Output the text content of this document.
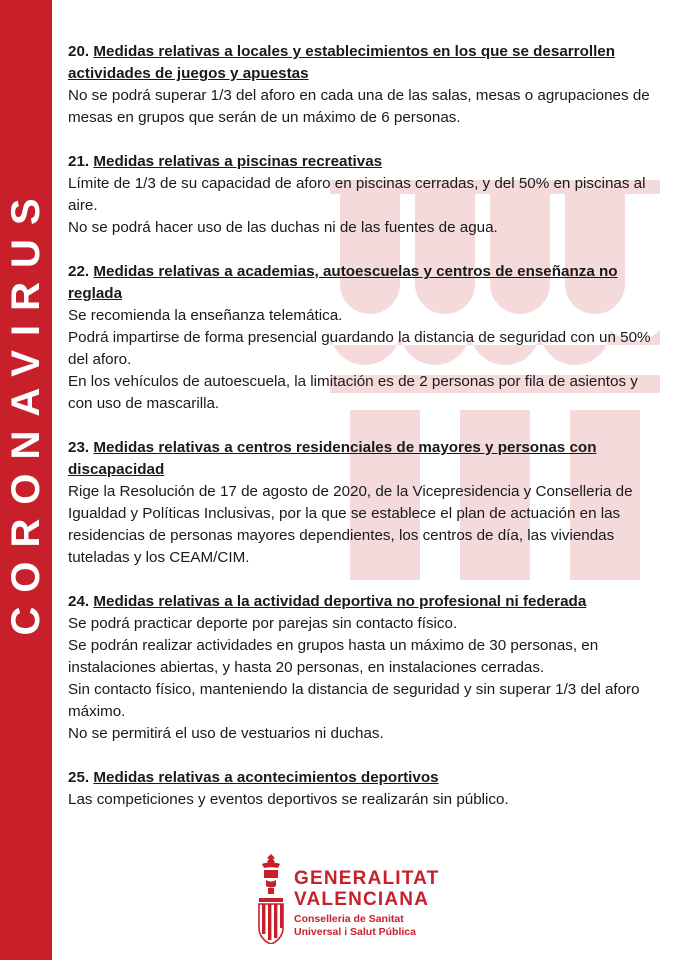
CORONAVIRUS

20. Medidas relativas a locales y establecimientos en los que se desarrollen actividades de juegos y apuestas

No se podrá superar 1/3 del aforo en cada una de las salas, mesas o agrupaciones de mesas en grupos que serán de un máximo de 6 personas.

21. Medidas relativas a piscinas recreativas

Límite de 1/3 de su capacidad de aforo en piscinas cerradas, y del 50% en piscinas al aire.

No se podrá hacer uso de las duchas ni de las fuentes de agua.

22. Medidas relativas a academias, autoescuelas y centros de enseñanza no reglada

Se recomienda la enseñanza telemática.

Podrá impartirse de forma presencial guardando la distancia de seguridad con un 50% del aforo.

En los vehículos de autoescuela, la limitación es de 2 personas por fila de asientos y con uso de mascarilla.

23. Medidas relativas a centros residenciales de mayores y personas con discapacidad

Rige la Resolución de 17 de agosto de 2020, de la Vicepresidencia y Conselleria de Igualdad y Políticas Inclusivas, por la que se establece el plan de actuación en las residencias de personas mayores dependientes, los centros de día, las viviendas tuteladas y los CEAM/CIM.

24. Medidas relativas a la actividad deportiva no profesional ni federada

Se podrá practicar deporte por parejas sin contacto físico.

Se podrán realizar actividades en grupos hasta un máximo de 30 personas, en instalaciones abiertas, y hasta 20 personas, en instalaciones cerradas.

Sin contacto físico, manteniendo la distancia de seguridad y sin superar 1/3 del aforo máximo.

No se permitirá el uso de vestuarios ni duchas.

25. Medidas relativas a acontecimientos deportivos

Las competiciones y eventos deportivos se realizarán sin público.

GENERALITAT
VALENCIANA
Conselleria de Sanitat
Universal i Salut Pública
